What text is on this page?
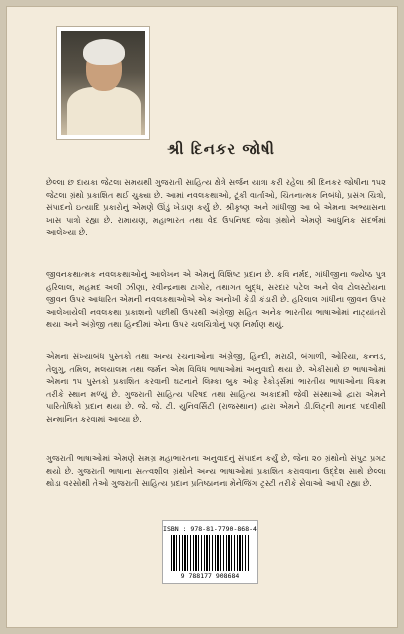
શ્રી દિનકર જોષી
છેલ્લા છ દાયકા જેટલા સમયથી ગુજરાતી સાહિત્ય ક્ષેત્રે સર્જન યાત્રા કરી રહેલા શ્રી દિનકર જોષીના ૧૫૨ જેટલા ગ્રંથો પ્રકાશિત થઈ ચુક્યા છે. આમાં નવલકથાઓ, ટૂંકી વાર્તાઓ, ચિંતનાત્મક નિબંધો, પ્રસંગ ચિત્રો, સંપાદનો ઇત્યાદિ પ્રકારોનું એમણે ઊંડું ખેડાણ કર્યું છે. શ્રીકૃષ્ણ અને ગાંધીજી આ બે એમના અભ્યાસના ખાસ પાત્રો રહ્યા છે. રામાયણ, મહાભારત તથા વેદ ઉપનિષદ જેવા ગ્રંથોને એમણે આધુનિક સંદર્ભમાં આલેખ્યા છે.
જીવનકથાત્મક નવલકથાઓનું આલેખન એ એમનું વિશિષ્ટ પ્રદાન છે. કવિ નર્મદ, ગાંધીજીના જ્યેષ્ઠ પુત્ર હરિલાલ, મહમદ અલી ઝીણા, રવીન્દ્રનાથ ટાગોર, તથાગત બુદ્ધ, સરદાર પટેલ અને લેવ ટોલસ્ટોયના જીવન ઉપર આધારિત એમની નવલકથાઓએ એક અનોખી કેડી કંડારી છે. હરિલાલ ગાંધીના જીવન ઉપર આલેખાયેલી નવલકથા પ્રકાશનો પછીથી ઉપરથી અંગ્રેજી સહિત અનેક ભારતીય ભાષાઓમાં નાટ્યાંતરો થયા અને અંગ્રેજી તથા હિન્દીમાં એના ઉપર ચલચિત્રોનું પણ નિર્માણ થયું.
એમના સંખ્યાબંધ પુસ્તકો તથા અન્ય રચનાઓના અંગ્રેજી, હિન્દી, મરાઠી, બંગાળી, ઓરિયા, કન્નડ, તેલુગુ, તમિલ, મલયાલમ તથા જર્મન એમ વિવિધ ભાષાઓમાં અનુવાદો થયા છે. એકીસાથે છ ભાષાઓમાં એમના ૧૫ પુસ્તકો પ્રકાશિત કરવાની ઘટનાને લિમ્કા બુક ઓફ રેકોર્ડ્સમાં ભારતીય ભાષાઓના વિક્રમ તરીકે સ્થાન મળ્યું છે. ગુજરાતી સાહિત્ય પરિષદ તથા સાહિત્ય અકાદમી જેવી સંસ્થાઓ દ્વારા એમને પારિતોષિકો પ્રદાન થયા છે. જે. જે. ટી. યુનિવર્સિટી (રાજસ્થાન) દ્વારા એમને ડી.લિટ્ની માનદ પદવીથી સન્માનિત કરવામાં આવ્યા છે.
ગુજરાતી ભાષાઓમાં એમણે સમગ્ર મહાભારતના અનુવાદનું સંપાદન કર્યું છે, જેના ૨૦ ગ્રંથોનો સંપુટ પ્રગટ થયો છે. ગુજરાતી ભાષાના સત્ત્વશીલ ગ્રંથોને અન્ય ભાષાઓમાં પ્રકાશિત કરાવવાના ઉદ્દેશ સાથે છેલ્લા થોડા વરસોથી તેઓ ગુજરાતી સાહિત્ય પ્રદાન પ્રતિષ્ઠાનના મેનેજિંગ ટ્રસ્ટી તરીકે સેવાઓ આપી રહ્યા છે.
ISBN : 978-81-7790-868-4
9 788177 908684
